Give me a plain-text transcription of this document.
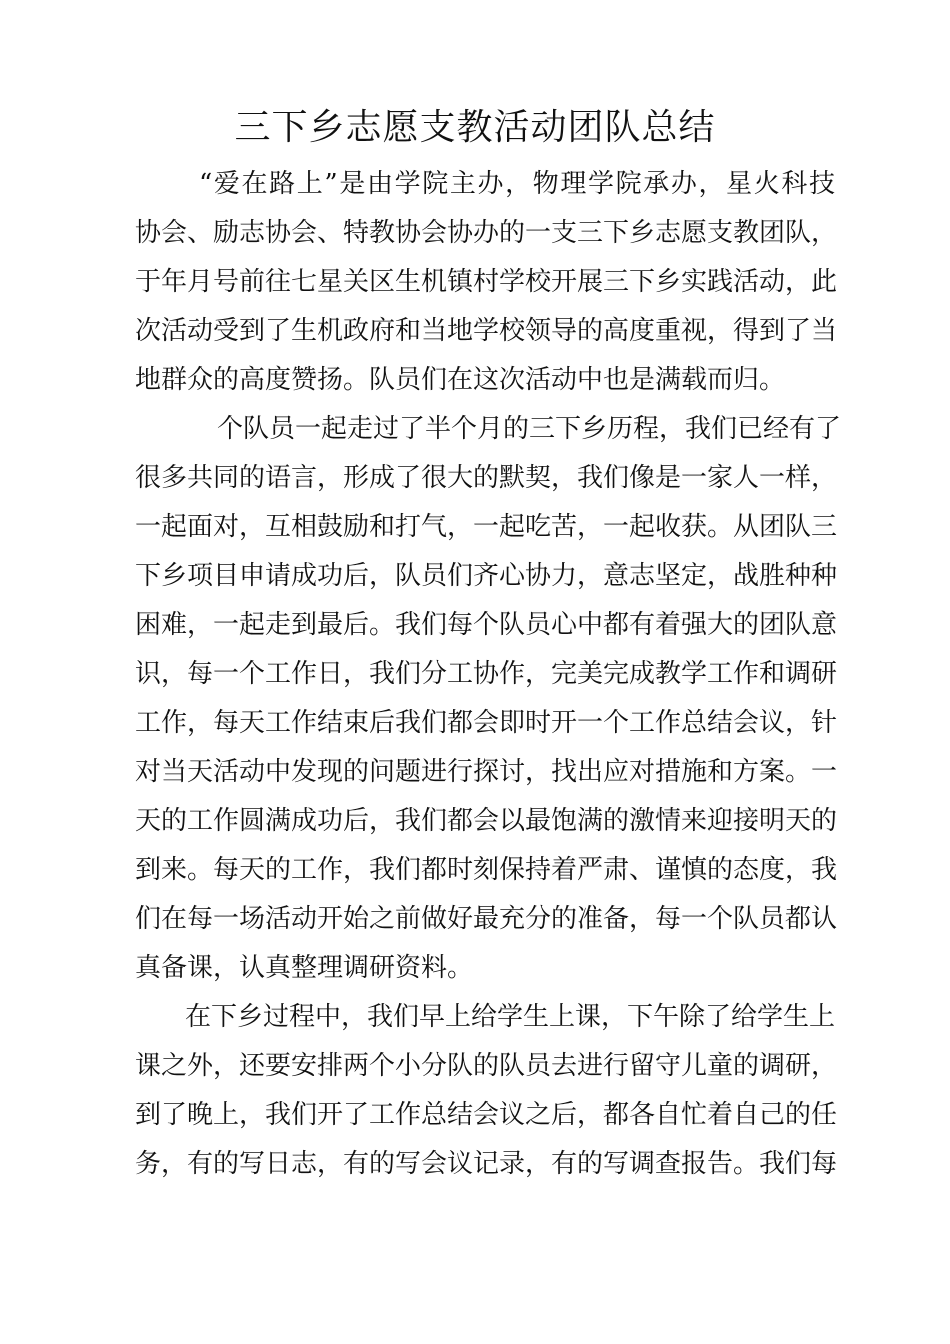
三下乡志愿支教活动团队总结
“爱在路上”是由学院主办，物理学院承办，星火科技
协会、励志协会、特教协会协办的一支三下乡志愿支教团队，
于年月号前往七星关区生机镇村学校开展三下乡实践活动，此
次活动受到了生机政府和当地学校领导的高度重视，得到了当
地群众的高度赞扬。队员们在这次活动中也是满载而归。
个队员一起走过了半个月的三下乡历程，我们已经有了
很多共同的语言，形成了很大的默契，我们像是一家人一样，
一起面对，互相鼓励和打气，一起吃苦，一起收获。从团队三
下乡项目申请成功后，队员们齐心协力，意志坚定，战胜种种
困难，一起走到最后。我们每个队员心中都有着强大的团队意
识，每一个工作日，我们分工协作，完美完成教学工作和调研
工作，每天工作结束后我们都会即时开一个工作总结会议，针
对当天活动中发现的问题进行探讨，找出应对措施和方案。一
天的工作圆满成功后，我们都会以最饱满的激情来迎接明天的
到来。每天的工作，我们都时刻保持着严肃、谨慎的态度，我
们在每一场活动开始之前做好最充分的准备，每一个队员都认
真备课，认真整理调研资料。
在下乡过程中，我们早上给学生上课，下午除了给学生上
课之外，还要安排两个小分队的队员去进行留守儿童的调研，
到了晚上，我们开了工作总结会议之后，都各自忙着自己的任
务，有的写日志，有的写会议记录，有的写调查报告。我们每
